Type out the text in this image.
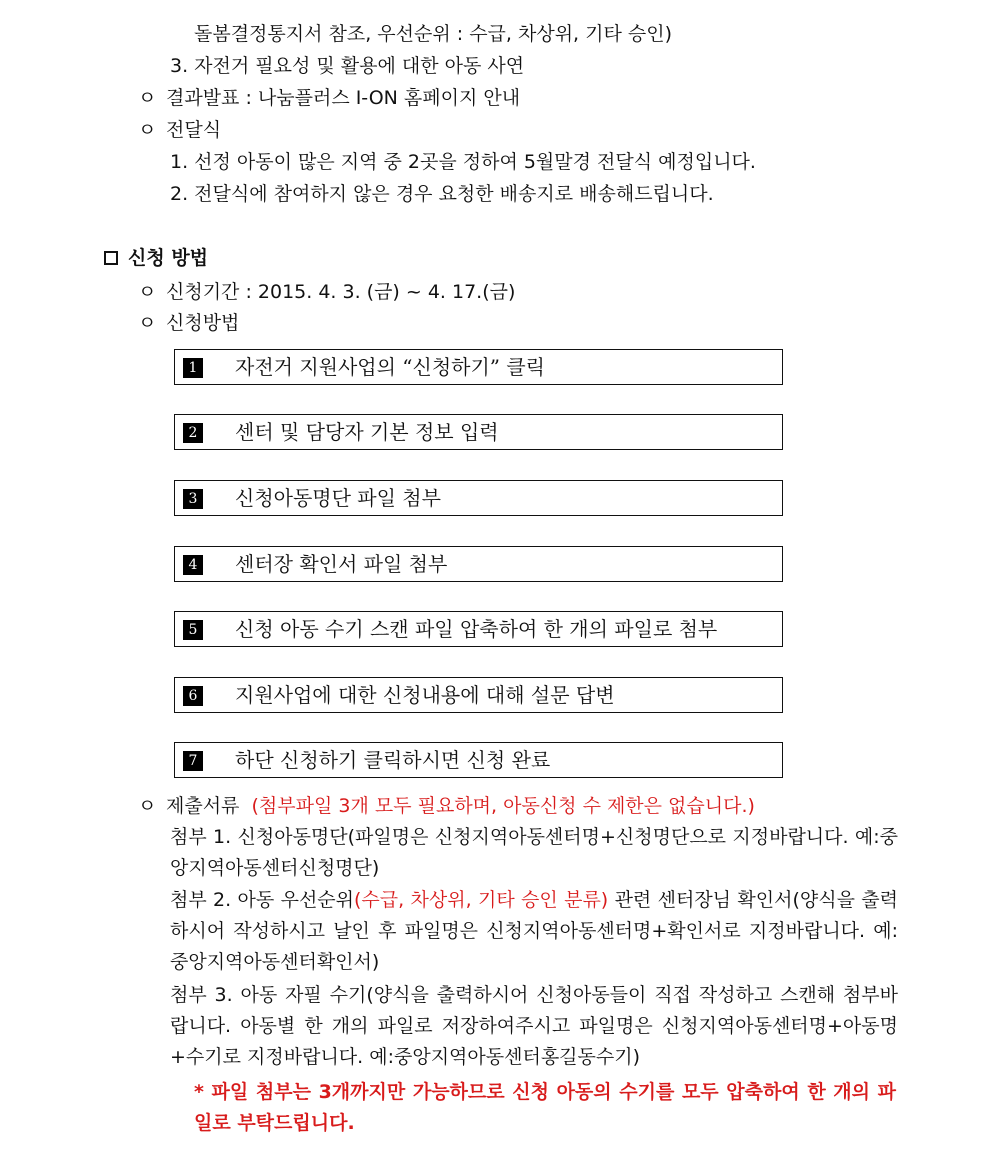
돌봄결정통지서 참조, 우선순위 : 수급, 차상위, 기타 승인)
3. 자전거 필요성 및 활용에 대한 아동 사연
ㅇ 결과발표 : 나눔플러스 I-ON 홈페이지 안내
ㅇ 전달식
1. 선정 아동이 많은 지역 중 2곳을 정하여 5월말경 전달식 예정입니다.
2. 전달식에 참여하지 않은 경우 요청한 배송지로 배송해드립니다.
신청 방법
ㅇ 신청기간 : 2015. 4. 3. (금) ~ 4. 17.(금)
ㅇ 신청방법
1 자전거 지원사업의 “신청하기” 클릭
2 센터 및 담당자 기본 정보 입력
3 신청아동명단 파일 첨부
4 센터장 확인서 파일 첨부
5 신청 아동 수기 스캔 파일 압축하여 한 개의 파일로 첨부
6 지원사업에 대한 신청내용에 대해 설문 답변
7 하단 신청하기 클릭하시면 신청 완료
ㅇ 제출서류 (첨부파일 3개 모두 필요하며, 아동신청 수 제한은 없습니다.)
첨부 1. 신청아동명단(파일명은 신청지역아동센터명+신청명단으로 지정바랍니다. 예:중앙지역아동센터신청명단)
첨부 2. 아동 우선순위(수급, 차상위, 기타 승인 분류) 관련 센터장님 확인서(양식을 출력하시어 작성하시고 날인 후 파일명은 신청지역아동센터명+확인서로 지정바랍니다. 예:중앙지역아동센터확인서)
첨부 3. 아동 자필 수기(양식을 출력하시어 신청아동들이 직접 작성하고 스캔해 첨부바랍니다. 아동별 한 개의 파일로 저장하여주시고 파일명은 신청지역아동센터명+아동명+수기로 지정바랍니다. 예:중앙지역아동센터홍길동수기)
* 파일 첨부는 3개까지만 가능하므로 신청 아동의 수기를 모두 압축하여 한 개의 파일로 부탁드립니다.
